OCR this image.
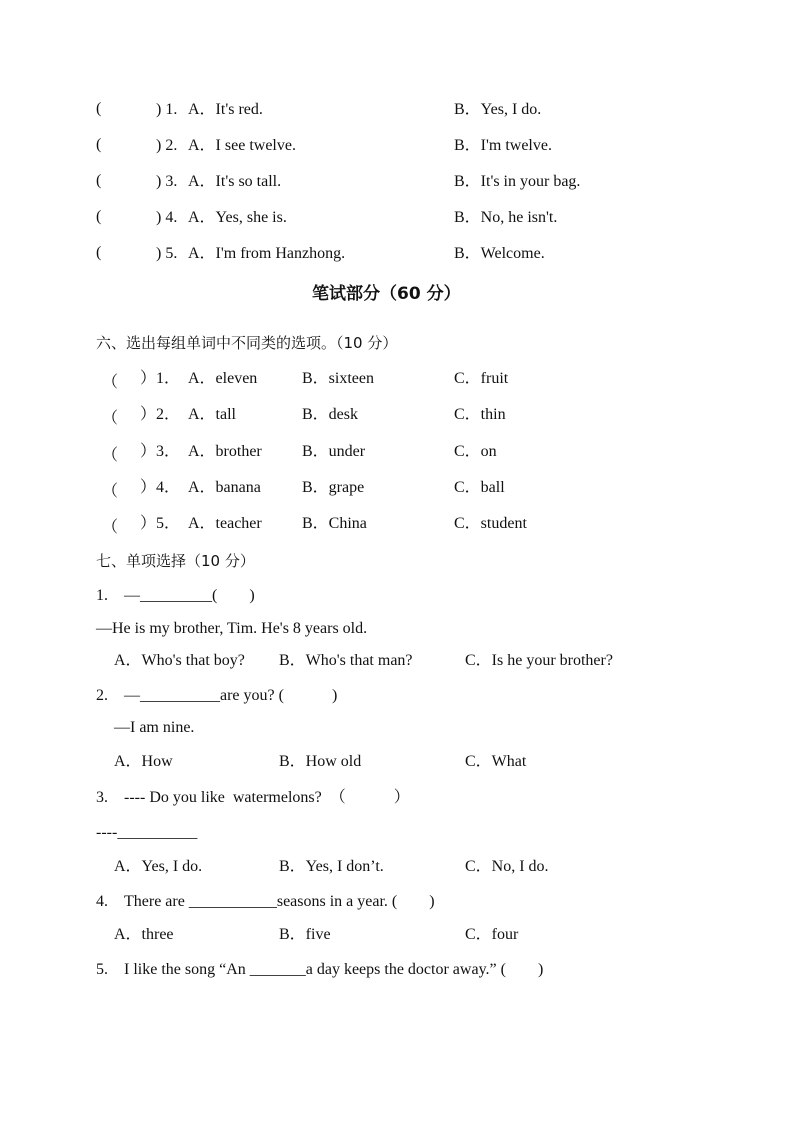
(	) 1. A．It's red.	B．Yes, I do.
(	) 2. A．I see twelve.	B．I'm twelve.
(	) 3. A．It's so tall.	B．It's in your bag.
(	) 4. A．Yes, she is.	B．No, he isn't.
(	) 5. A．I'm from Hanzhong.	B．Welcome.
笔试部分（60 分）
六、选出每组单词中不同类的选项。（10 分）
（ ）1． A．eleven	B．sixteen	C．fruit
（ ）2． A．tall	B．desk	C．thin
（ ）3． A．brother	B．under	C．on
（ ）4． A．banana	B．grape	C．ball
（ ）5． A．teacher	B．China	C．student
七、单项选择（10 分）
1.　—_________(　　)
—He is my brother, Tim. He's 8 years old.
A．Who's that boy? B．Who's that man?	C．Is he your brother?
2.　—__________are you? (　　　)
—I am nine.
A．How	B．How old	C．What
3.　---- Do you like  watermelons?　（　　　）
----__________
A．Yes, I do.	B．Yes, I don’t.	C．No, I do.
4.　There are ___________seasons in a year. (　　)
A．three	B．five	C．four
5.　I like the song “An _______a day keeps the doctor away.” (　　)
